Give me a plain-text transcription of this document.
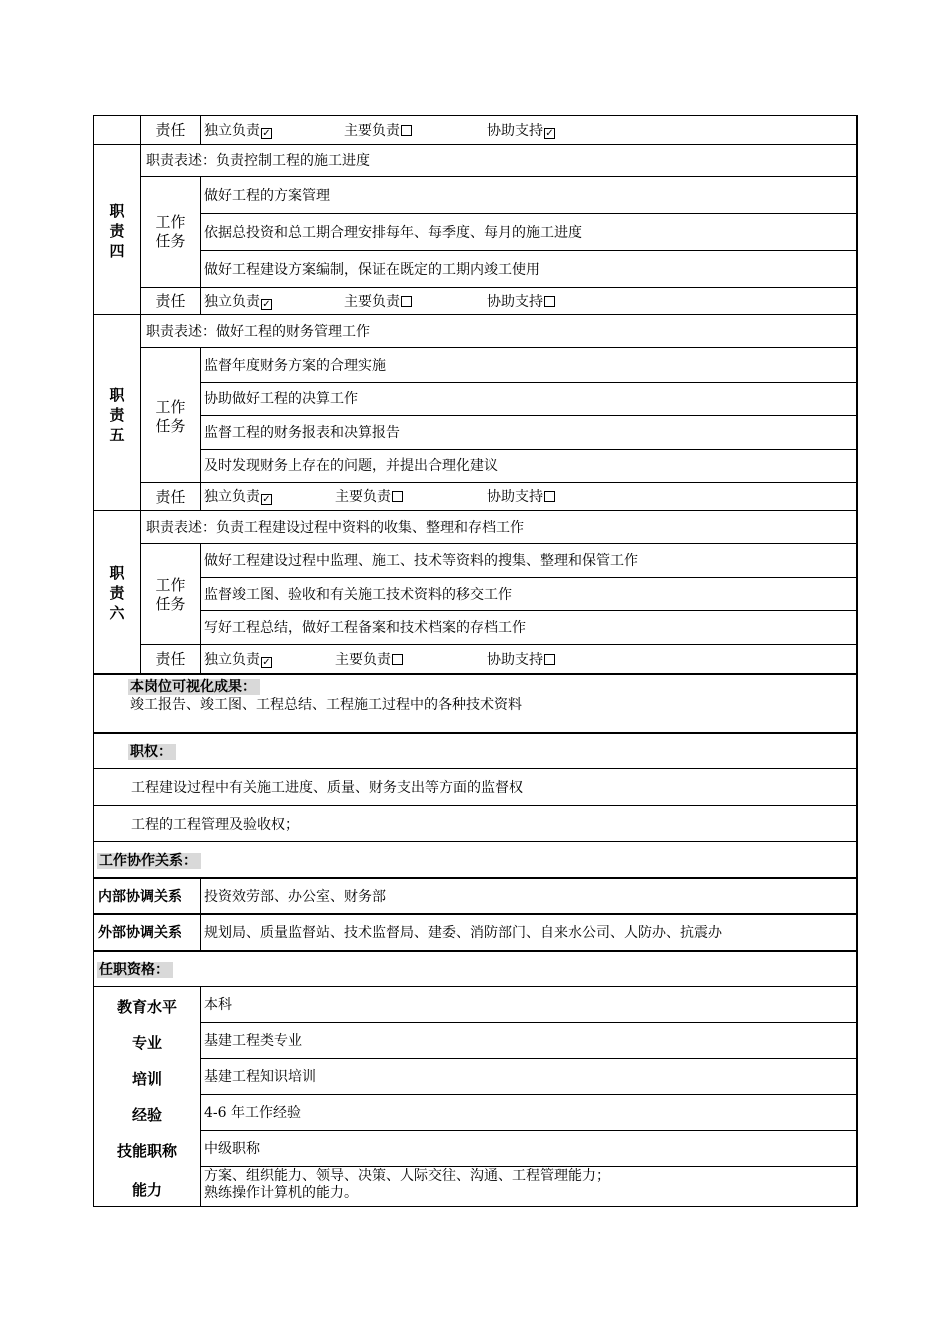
责任	独立负责 ✓	主要负责	协助支持 ✓
职
责
四
职责表述：负责控制工程的施工进度
工作
任务
做好工程的方案管理
依据总投资和总工期合理安排每年、每季度、每月的施工进度
做好工程建设方案编制，保证在既定的工期内竣工使用
责任	独立负责 ✓	主要负责	协助支持
职
责
五
职责表述：做好工程的财务管理工作
工作
任务
监督年度财务方案的合理实施
协助做好工程的决算工作
监督工程的财务报表和决算报告
及时发现财务上存在的问题，并提出合理化建议
责任	独立负责 ✓	主要负责	协助支持
职
责
六
职责表述：负责工程建设过程中资料的收集、整理和存档工作
工作
任务
做好工程建设过程中监理、施工、技术等资料的搜集、整理和保管工作
监督竣工图、验收和有关施工技术资料的移交工作
写好工程总结，做好工程备案和技术档案的存档工作
责任	独立负责 ✓	主要负责	协助支持
本岗位可视化成果：
竣工报告、竣工图、工程总结、工程施工过程中的各种技术资料
职权：
工程建设过程中有关施工进度、质量、财务支出等方面的监督权
工程的工程管理及验收权；
工作协作关系：
内部协调关系 投资效劳部、办公室、财务部
外部协调关系 规划局、质量监督站、技术监督局、建委、消防部门、自来水公司、人防办、抗震办
任职资格：
教育水平	本科
专业	基建工程类专业
培训	基建工程知识培训
经验	4-6 年工作经验
技能职称	中级职称
能力
方案、组织能力、领导、决策、人际交往、沟通、工程管理能力；
熟练操作计算机的能力。
